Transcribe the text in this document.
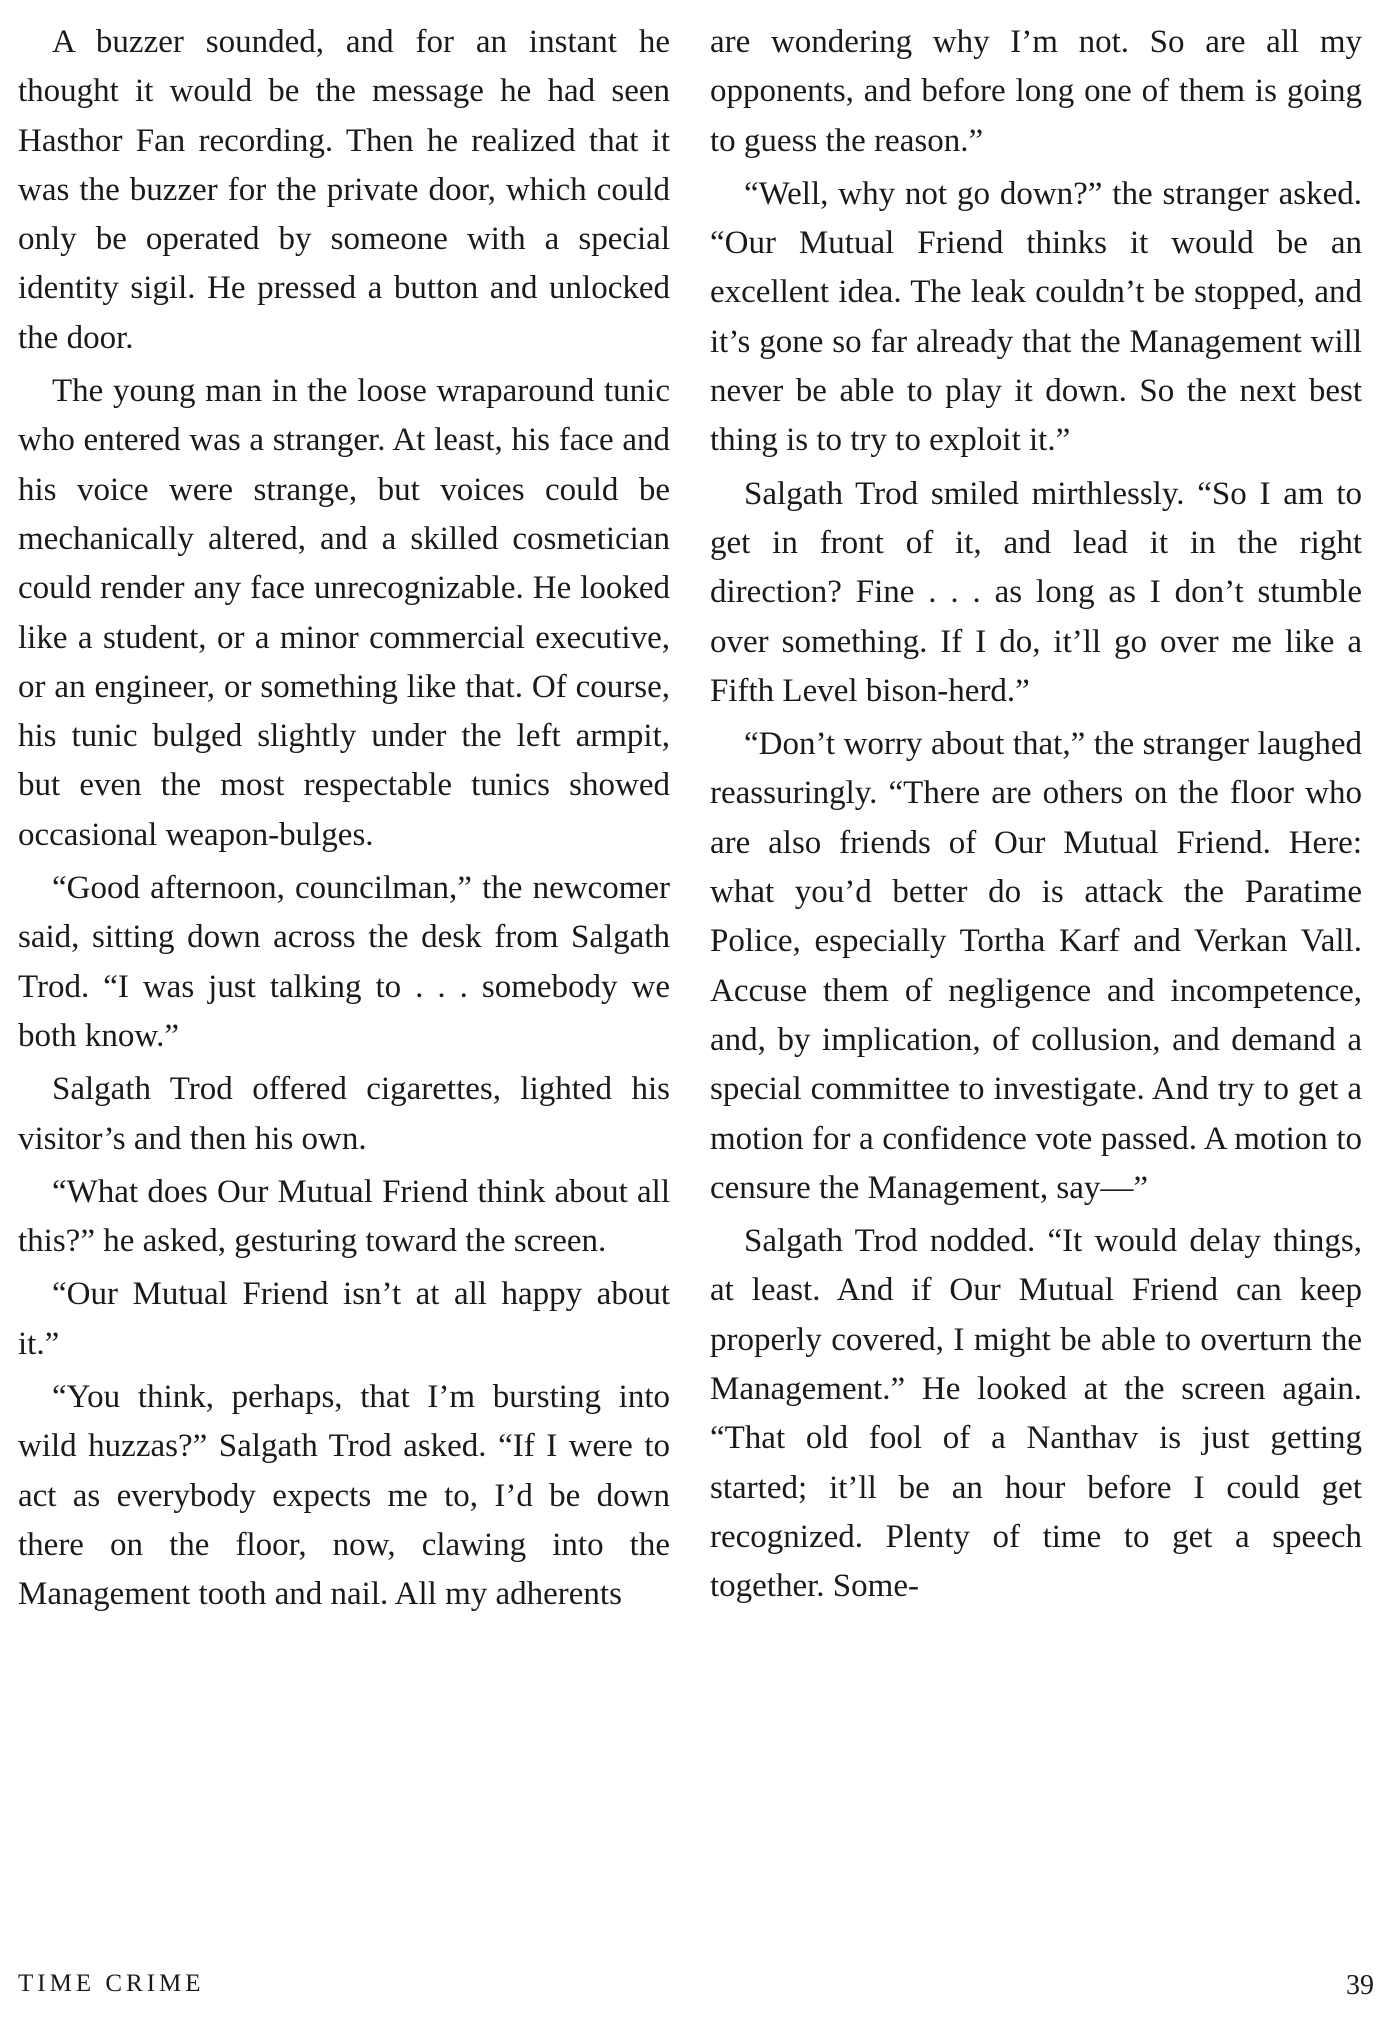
A buzzer sounded, and for an instant he thought it would be the message he had seen Hasthor Fan recording. Then he realized that it was the buzzer for the private door, which could only be operated by someone with a special identity sigil. He pressed a button and unlocked the door.

The young man in the loose wraparound tunic who entered was a stranger. At least, his face and his voice were strange, but voices could be mechanically altered, and a skilled cosmetician could render any face unrecognizable. He looked like a student, or a minor commercial executive, or an engineer, or something like that. Of course, his tunic bulged slightly under the left armpit, but even the most respectable tunics showed occasional weapon-bulges.

“Good afternoon, councilman,” the newcomer said, sitting down across the desk from Salgath Trod. “I was just talking to . . . somebody we both know.”

Salgath Trod offered cigarettes, lighted his visitor’s and then his own.

“What does Our Mutual Friend think about all this?” he asked, gesturing toward the screen.

“Our Mutual Friend isn’t at all happy about it.”

“You think, perhaps, that I’m bursting into wild huzzas?” Salgath Trod asked. “If I were to act as everybody expects me to, I’d be down there on the floor, now, clawing into the Management tooth and nail. All my adherents

are wondering why I’m not. So are all my opponents, and before long one of them is going to guess the reason.”

“Well, why not go down?” the stranger asked. “Our Mutual Friend thinks it would be an excellent idea. The leak couldn’t be stopped, and it’s gone so far already that the Management will never be able to play it down. So the next best thing is to try to exploit it.”

Salgath Trod smiled mirthlessly. “So I am to get in front of it, and lead it in the right direction? Fine . . . as long as I don’t stumble over something. If I do, it’ll go over me like a Fifth Level bison-herd.”

“Don’t worry about that,” the stranger laughed reassuringly. “There are others on the floor who are also friends of Our Mutual Friend. Here: what you’d better do is attack the Paratime Police, especially Tortha Karf and Verkan Vall. Accuse them of negligence and incompetence, and, by implication, of collusion, and demand a special committee to investigate. And try to get a motion for a confidence vote passed. A motion to censure the Management, say—”

Salgath Trod nodded. “It would delay things, at least. And if Our Mutual Friend can keep properly covered, I might be able to overturn the Management.” He looked at the screen again. “That old fool of a Nanthav is just getting started; it’ll be an hour before I could get recognized. Plenty of time to get a speech together. Some-

TIME CRIME	39
